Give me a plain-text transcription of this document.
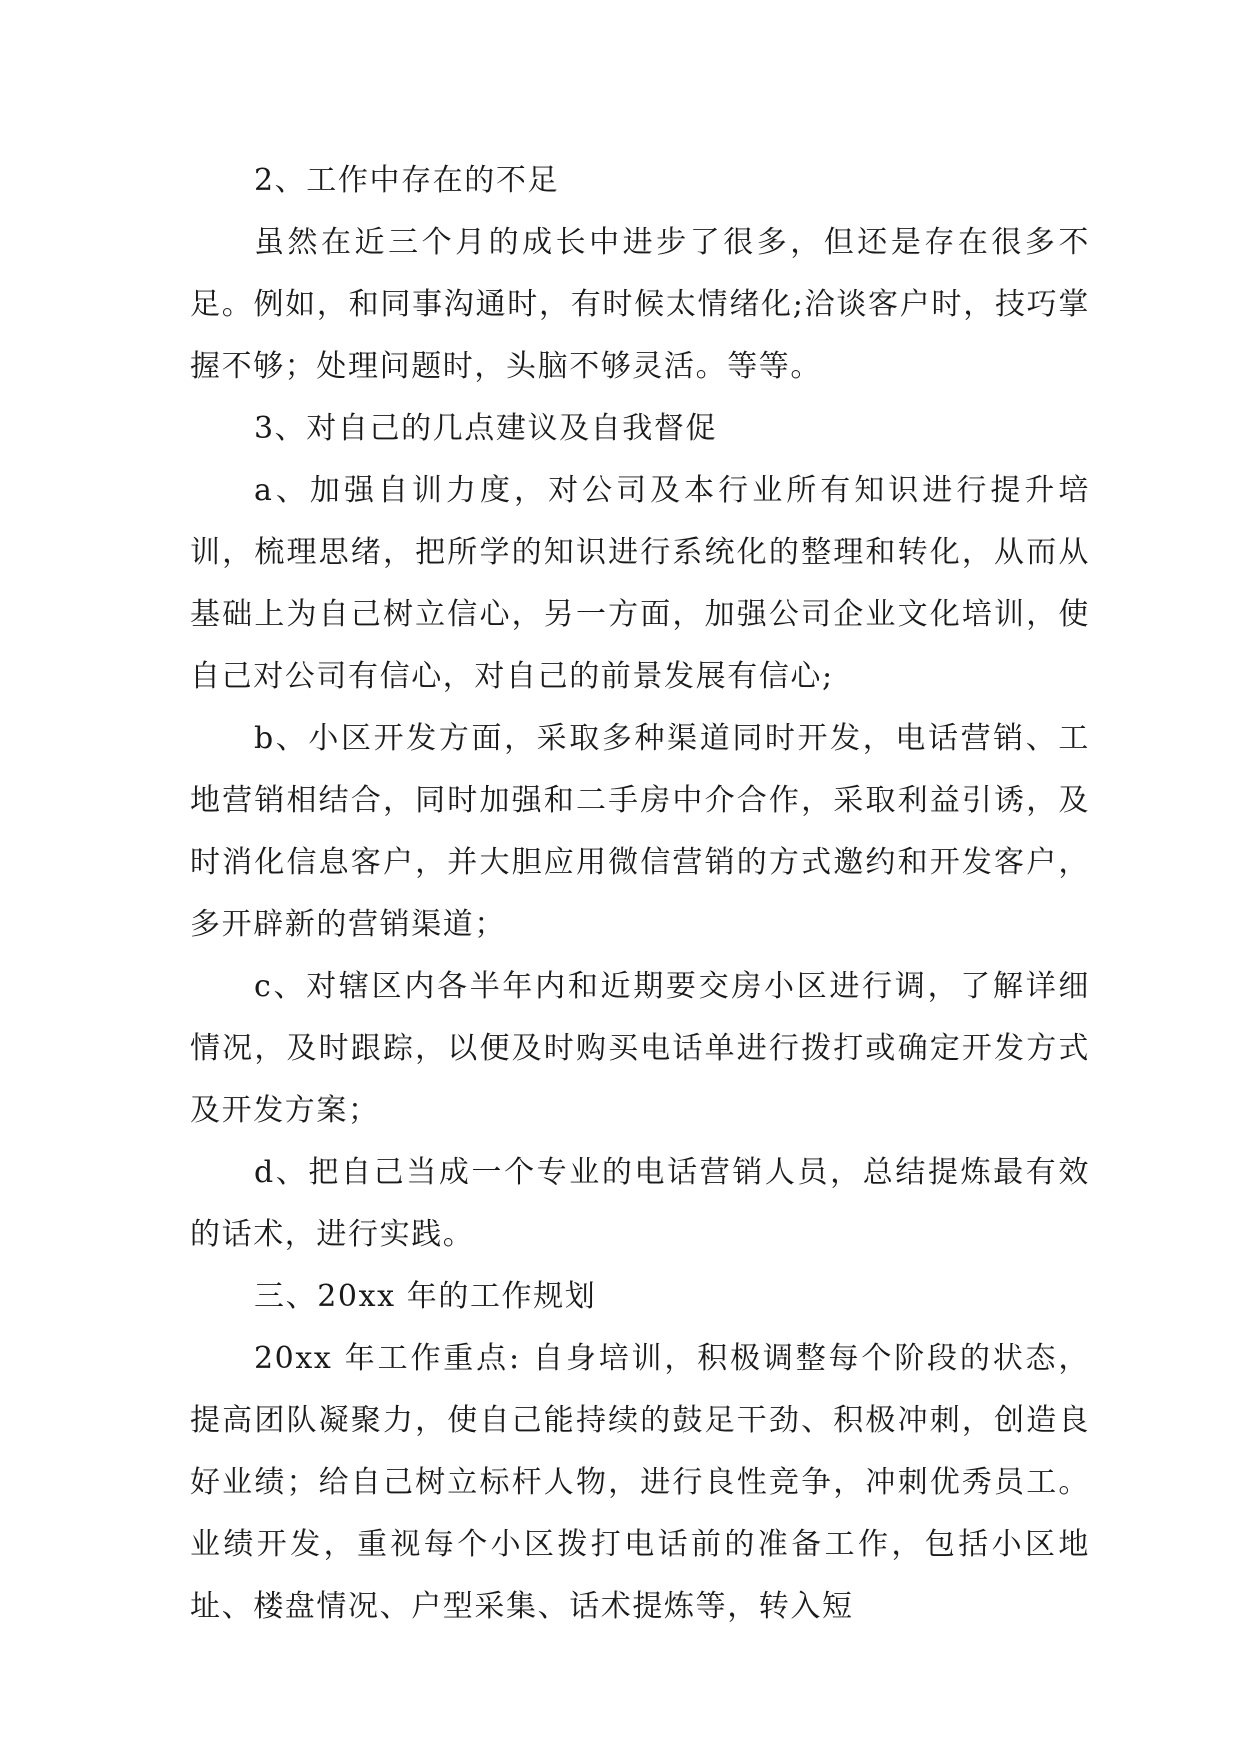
2、工作中存在的不足

虽然在近三个月的成长中进步了很多，但还是存在很多不足。例如，和同事沟通时，有时候太情绪化;洽谈客户时，技巧掌握不够；处理问题时，头脑不够灵活。等等。

3、对自己的几点建议及自我督促

a、加强自训力度，对公司及本行业所有知识进行提升培训，梳理思绪，把所学的知识进行系统化的整理和转化，从而从基础上为自己树立信心，另一方面，加强公司企业文化培训，使自己对公司有信心，对自己的前景发展有信心;

b、小区开发方面，采取多种渠道同时开发，电话营销、工地营销相结合，同时加强和二手房中介合作，采取利益引诱，及时消化信息客户，并大胆应用微信营销的方式邀约和开发客户，多开辟新的营销渠道；

c、对辖区内各半年内和近期要交房小区进行调，了解详细情况，及时跟踪，以便及时购买电话单进行拨打或确定开发方式及开发方案；

d、把自己当成一个专业的电话营销人员，总结提炼最有效的话术，进行实践。

三、20xx 年的工作规划

20xx 年工作重点: 自身培训，积极调整每个阶段的状态，提高团队凝聚力，使自己能持续的鼓足干劲、积极冲刺，创造良好业绩；给自己树立标杆人物，进行良性竞争，冲刺优秀员工。业绩开发，重视每个小区拨打电话前的准备工作，包括小区地址、楼盘情况、户型采集、话术提炼等，转入短
